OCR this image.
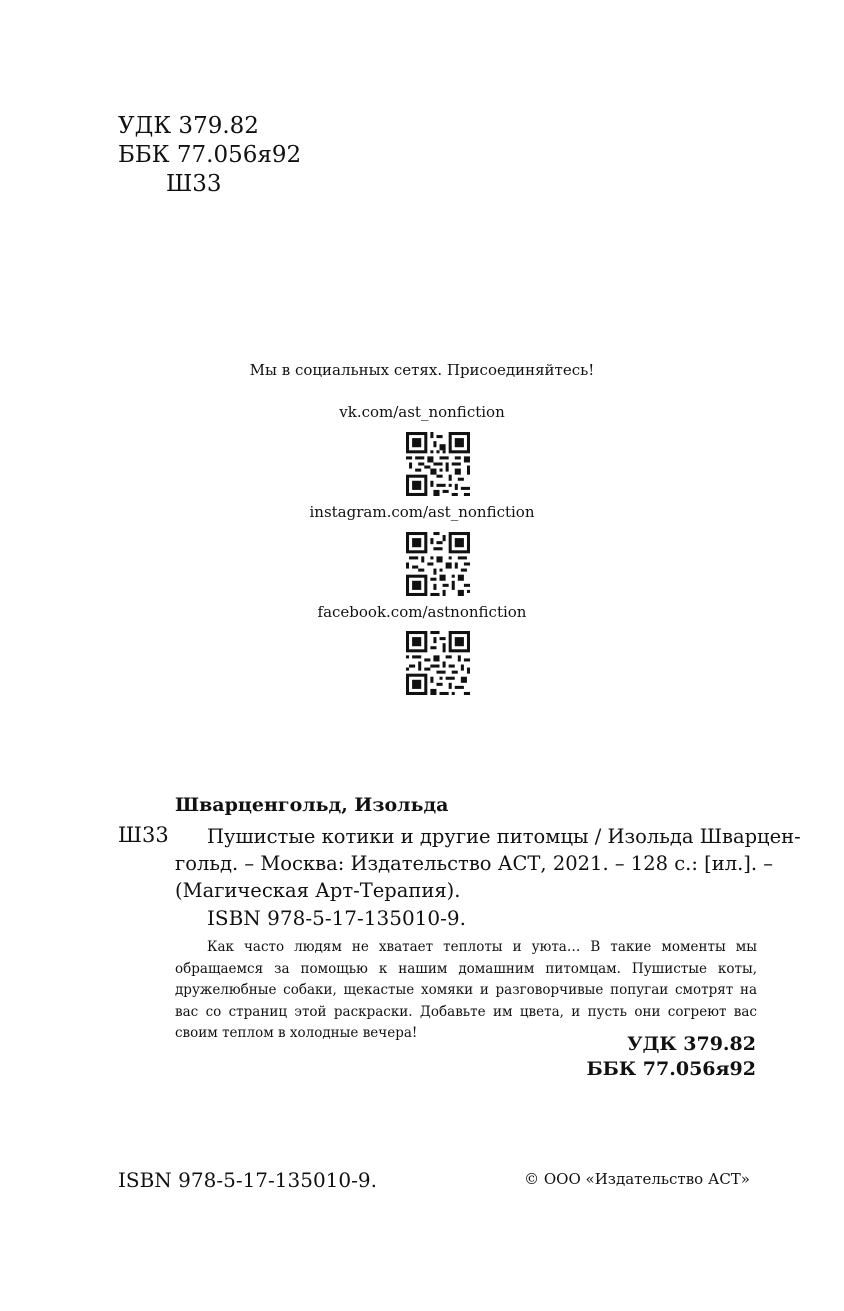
УДК 379.82
ББК 77.056я92
Ш33
Мы в социальных сетях. Присоединяйтесь!
vk.com/ast_nonfiction
instagram.com/ast_nonfiction
facebook.com/astnonfiction
Шварценгольд, Изольда
Ш33	Пушистые котики и другие питомцы / Изольда Шварцен-
гольд. – Москва: Издательство АСТ, 2021. – 128 с.: [ил.]. –
(Магическая Арт-Терапия).
ISBN 978-5-17-135010-9.
Как часто людям не хватает теплоты и уюта… В такие моменты мы обращаемся за помощью к нашим домашним питомцам. Пушистые коты, дружелюбные собаки, щекастые хомяки и разговорчивые попугаи смотрят на вас со страниц этой раскраски. Добавьте им цвета, и пусть они согреют вас своим теплом в холодные вечера!	УДК 379.82
ББК 77.056я92
ISBN 978-5-17-135010-9.	© ООО «Издательство АСТ»
